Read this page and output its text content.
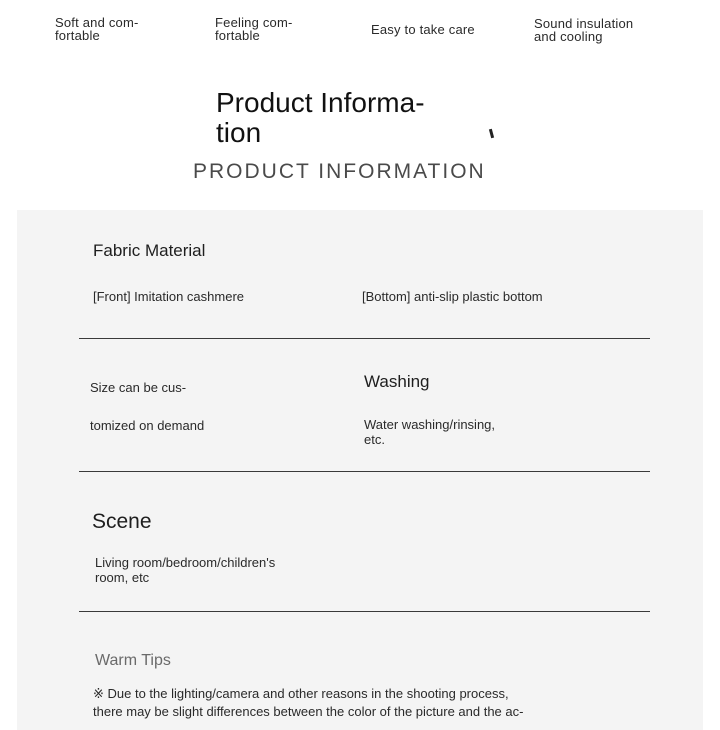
Soft and com-
fortable
Feeling com-
fortable	Easy to take care	Sound insulation
and cooling
Product Informa-
tion
PRODUCT INFORMATION
Fabric Material
[Front] Imitation cashmere	[Bottom] anti-slip plastic bottom
Size can be cus-
tomized on demand
Washing
Water washing/rinsing,
etc.
Scene
Living room/bedroom/children's
room, etc
Warm Tips
※ Due to the lighting/camera and other reasons in the shooting process,
there may be slight differences between the color of the picture and the ac-
